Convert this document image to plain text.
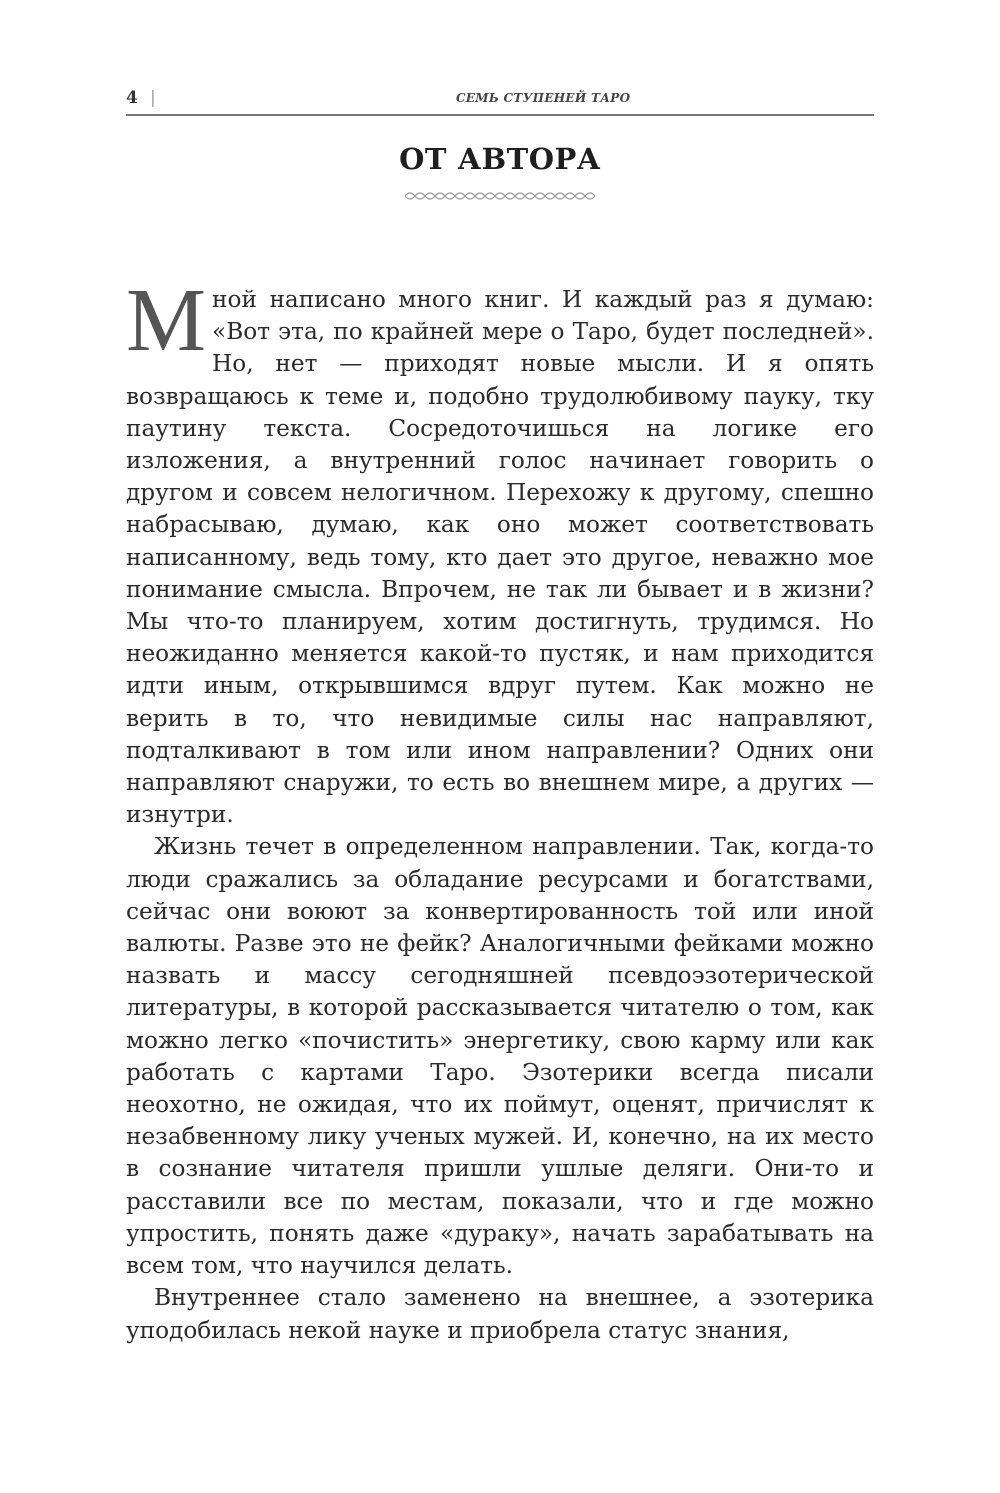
4 |	СЕМЬ СТУПЕНЕЙ ТАРО
ОТ АВТОРА

Мной написано много книг. И каждый раз я думаю: «Вот эта, по крайней мере о Таро, будет последней». Но, нет — приходят новые мысли. И я опять возвращаюсь к теме и, подобно трудолюбивому пауку, тку паутину текста. Сосредоточишься на логике его изложения, а внутренний голос начинает говорить о другом и совсем нелогичном. Перехожу к другому, спешно набрасываю, думаю, как оно может соответствовать написанному, ведь тому, кто дает это другое, неважно мое понимание смысла. Впрочем, не так ли бывает и в жизни? Мы что-то планируем, хотим достигнуть, трудимся. Но неожиданно меняется какой-то пустяк, и нам приходится идти иным, открывшимся вдруг путем. Как можно не верить в то, что невидимые силы нас направляют, подталкивают в том или ином направлении? Одних они направляют снаружи, то есть во внешнем мире, а других — изнутри.

Жизнь течет в определенном направлении. Так, когда-то люди сражались за обладание ресурсами и богатствами, сейчас они воюют за конвертированность той или иной валюты. Разве это не фейк? Аналогичными фейками можно назвать и массу сегодняшней псевдоэзотерической литературы, в которой рассказывается читателю о том, как можно легко «почистить» энергетику, свою карму или как работать с картами Таро. Эзотерики всегда писали неохотно, не ожидая, что их поймут, оценят, причислят к незабвенному лику ученых мужей. И, конечно, на их место в сознание читателя пришли ушлые деляги. Они-то и расставили все по местам, показали, что и где можно упростить, понять даже «дураку», начать зарабатывать на всем том, что научился делать.

Внутреннее стало заменено на внешнее, а эзотерика уподобилась некой науке и приобрела статус знания,
